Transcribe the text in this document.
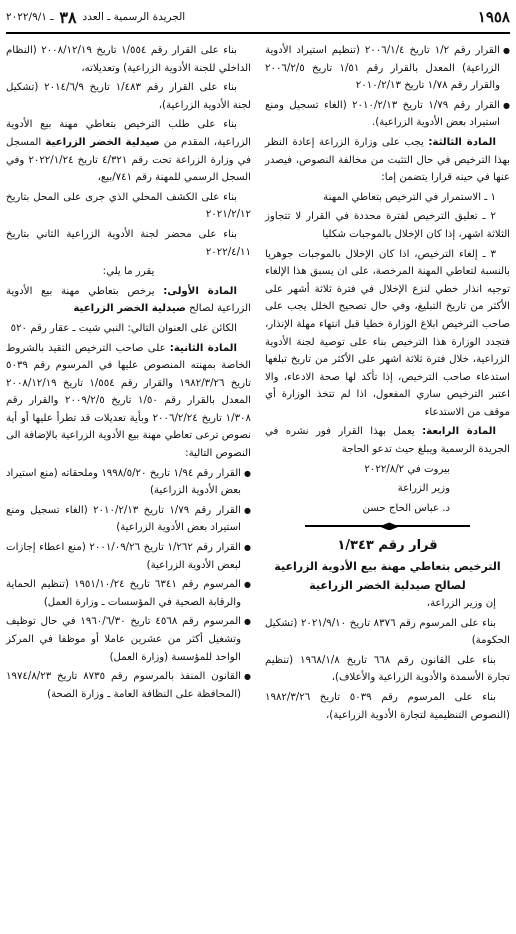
١٩٥٨
الجريدة الرسمية ـ العدد
٣٨
ـ ٢٠٢٢/٩/١

● القرار رقم ١/٢ تاريخ ٢٠٠٦/١/٤ (تنظيم استيراد الأدوية الزراعية) المعدل بالقرار رقم ١/٥١ تاريخ ٢٠٠٦/٢/٥ والقرار رقم ١/٧٨ تاريخ ٢٠١٠/٢/١٣

● القرار رقم ١/٧٩ تاريخ ٢٠١٠/٢/١٣ (الغاء تسجيل ومنع استيراد بعض الأدوية الزراعية).

المادة الثالثة: يجب على وزارة الزراعة إعادة النظر بهذا الترخيص في حال التثبت من مخالفة النصوص، فيصدر عنها في حينه قرارا يتضمن إما:

١ ـ الاستمرار في الترخيص بتعاطي المهنة

٢ ـ تعليق الترخيص لفترة محددة في القرار لا تتجاوز الثلاثة اشهر، إذا كان الإخلال بالموجبات شكليا

٣ ـ إلغاء الترخيص، اذا كان الإخلال بالموجبات جوهريا بالنسبة لتعاطي المهنة المرخصة، على ان يسبق هذا الإلغاء توجيه انذار خطي لنزع الإخلال في فترة ثلاثة أشهر على الأكثر من تاريخ التبليغ، وفي حال تصحيح الخلل يجب على صاحب الترخيص ابلاغ الوزارة خطيا قبل انتهاء مهلة الإنذار، فتجدد الوزارة هذا الترخيص بناء على توصية لجنة الأدوية الزراعية، خلال فترة ثلاثة اشهر على الأكثر من تاريخ تبلغها استدعاء صاحب الترخيص، إذا تأكد لها صحة الادعاء، والا اعتبر الترخيص ساري المفعول، اذا لم تتخذ الوزارة أي موقف من الاستدعاء

المادة الرابعة: يعمل بهذا القرار فور نشره في الجريدة الرسمية ويبلغ حيث تدعو الحاجة

بيروت في ٢٠٢٢/٨/٢

وزير الزراعة

د. عباس الحاج حسن

قرار رقم ١/٣٤٣
الترخيص بتعاطي مهنة بيع الأدوية الزراعية لصالح صيدلية الخضر الزراعية

إن وزير الزراعة،

بناء على المرسوم رقم ٨٣٧٦ تاريخ ٢٠٢١/٩/١٠ (تشكيل الحكومة)

بناء على القانون رقم ٦٦٨ تاريخ ١٩٦٨/١/٨ (تنظيم تجارة الأسمدة والأدوية الزراعية والأعلاف)،

بناء على المرسوم رقم ٥٠٣٩ تاريخ ١٩٨٢/٣/٢٦ (النصوص التنظيمية لتجارة الأدوية الزراعية)،

بناء على القرار رقم ١/٥٥٤ تاريخ ٢٠٠٨/١٢/١٩ (النظام الداخلي للجنة الأدوية الزراعية) وتعديلاته،

بناء على القرار رقم ١/٤٨٣ تاريخ ٢٠١٤/٦/٩ (تشكيل لجنة الأدوية الزراعية)،

بناء على طلب الترخيص بتعاطي مهنة بيع الأدوية الزراعية، المقدم من صيدلية الخضر الزراعية المسجل في وزارة الزراعة تحت رقم ٤/٣٢١ تاريخ ٢٠٢٢/١/٢٤ وفي السجل الرسمي للمهنة رقم ٧٤١/بيع،

بناء على الكشف المحلي الذي جرى على المحل بتاريخ ٢٠٢١/٢/١٢

بناء على محضر لجنة الأدوية الزراعية الثاني بتاريخ ٢٠٢٢/٤/١١

يقرر ما يلي:

المادة الأولى: يرخص بتعاطي مهنة بيع الأدوية الزراعية لصالح صيدلية الخضر الزراعية

الكائن على العنوان التالي: النبي شيت ـ عقار رقم ٥٢٠

المادة الثانية: على صاحب الترخيص التقيد بالشروط الخاصة بمهنته المنصوص عليها في المرسوم رقم ٥٠٣٩ تاريخ ١٩٨٢/٣/٢٦ والقرار رقم ١/٥٥٤ تاريخ ٢٠٠٨/١٢/١٩ المعدل بالقرار رقم ١/٥٠ تاريخ ٢٠٠٩/٢/٥ والقرار رقم ١/٣٠٨ تاريخ ٢٠٠٦/٢/٢٤ وبأية تعديلات قد تطرأ عليها أو أية نصوص ترعى تعاطي مهنة بيع الأدوية الزراعية بالإضافة الى النصوص التالية:

● القرار رقم ١/٩٤ تاريخ ١٩٩٨/٥/٢٠ وملحقاته (منع استيراد بعض الأدوية الزراعية)

● القرار رقم ١/٧٩ تاريخ ٢٠١٠/٢/١٣ (الغاء تسجيل ومنع استيراد بعض الأدوية الزراعية)

● القرار رقم ١/٢٦٢ تاريخ ٢٠٠١/٠٩/٢٦ (منع اعطاء إجازات لبعض الأدوية الزراعية)

● المرسوم رقم ٦٣٤١ تاريخ ١٩٥١/١٠/٢٤ (تنظيم الحماية والرقابة الصحية في المؤسسات ـ وزارة العمل)

● المرسوم رقم ٤٥٦٨ تاريخ ١٩٦٠/٦/٣٠ في حال توظيف وتشغيل أكثر من عشرين عاملا أو موظفا في المركز الواحد للمؤسسة (وزارة العمل)

● القانون المنفذ بالمرسوم رقم ٨٧٣٥ تاريخ ١٩٧٤/٨/٢٣ (المحافظة على النظافة العامة ـ وزارة الصحة)
